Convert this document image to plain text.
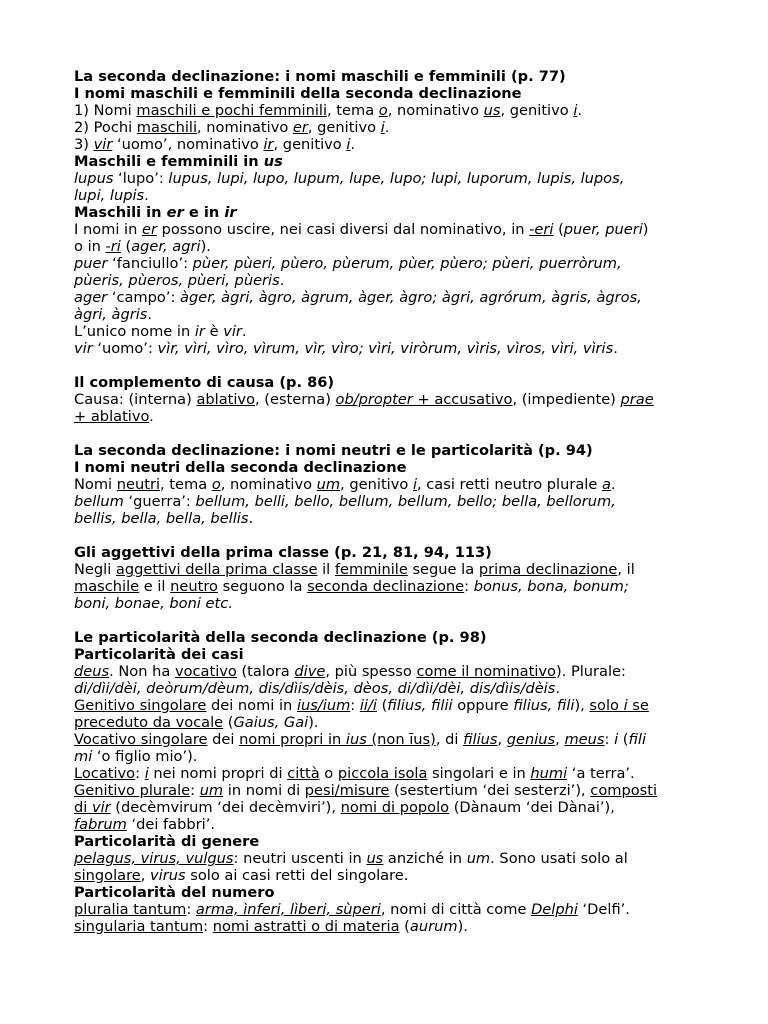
La seconda declinazione: i nomi maschili e femminili (p. 77)
I nomi maschili e femminili della seconda declinazione
1) Nomi maschili e pochi femminili, tema o, nominativo us, genitivo i.
2) Pochi maschili, nominativo er, genitivo i.
3) vir ‘uomo’, nominativo ir, genitivo i.
Maschili e femminili in us
lupus ‘lupo’: lupus, lupi, lupo, lupum, lupe, lupo; lupi, luporum, lupis, lupos,
lupi, lupis.
Maschili in er e in ir
I nomi in er possono uscire, nei casi diversi dal nominativo, in -eri (puer, pueri)
o in -ri (ager, agri).
puer ‘fanciullo’: pùer, pùeri, pùero, pùerum, pùer, pùero; pùeri, puerròrum,
pùeris, pùeros, pùeri, pùeris.
ager ‘campo’: àger, àgri, àgro, àgrum, àger, àgro; àgri, agrórum, àgris, àgros,
àgri, àgris.
L’unico nome in ir è vir.
vir ‘uomo’: vìr, vìri, vìro, vìrum, vìr, vìro; vìri, viròrum, vìris, vìros, vìri, vìris.
Il complemento di causa (p. 86)
Causa: (interna) ablativo, (esterna) ob/propter + accusativo, (impediente) prae
+ ablativo.
La seconda declinazione: i nomi neutri e le particolarità (p. 94)
I nomi neutri della seconda declinazione
Nomi neutri, tema o, nominativo um, genitivo i, casi retti neutro plurale a.
bellum ‘guerra’: bellum, belli, bello, bellum, bellum, bello; bella, bellorum,
bellis, bella, bella, bellis.
Gli aggettivi della prima classe (p. 21, 81, 94, 113)
Negli aggettivi della prima classe il femminile segue la prima declinazione, il
maschile e il neutro seguono la seconda declinazione: bonus, bona, bonum;
boni, bonae, boni etc.
Le particolarità della seconda declinazione (p. 98)
Particolarità dei casi
deus. Non ha vocativo (talora dive, più spesso come il nominativo). Plurale:
di/dìi/dèi, deòrum/dèum, dis/dìis/dèis, dèos, di/dìi/dèi, dis/dìis/dèis.
Genitivo singolare dei nomi in ius/ium: ii/i (filius, filii oppure filius, fili), solo i se
preceduto da vocale (Gaius, Gai).
Vocativo singolare dei nomi propri in ius (non īus), di filius, genius, meus: i (fili
mi ‘o figlio mio’).
Locativo: i nei nomi propri di città o piccola isola singolari e in humi ‘a terra’.
Genitivo plurale: um in nomi di pesi/misure (sestertium ‘dei sesterzi’), composti
di vir (decèmvirum ‘dei decèmviri’), nomi di popolo (Dànaum ‘dei Dànai’),
fabrum ‘dei fabbri’.
Particolarità di genere
pelagus, virus, vulgus: neutri uscenti in us anziché in um. Sono usati solo al
singolare, virus solo ai casi retti del singolare.
Particolarità del numero
pluralia tantum: arma, ìnferi, lìberi, sùperi, nomi di città come Delphi ‘Delfi’.
singularia tantum: nomi astratti o di materia (aurum).
